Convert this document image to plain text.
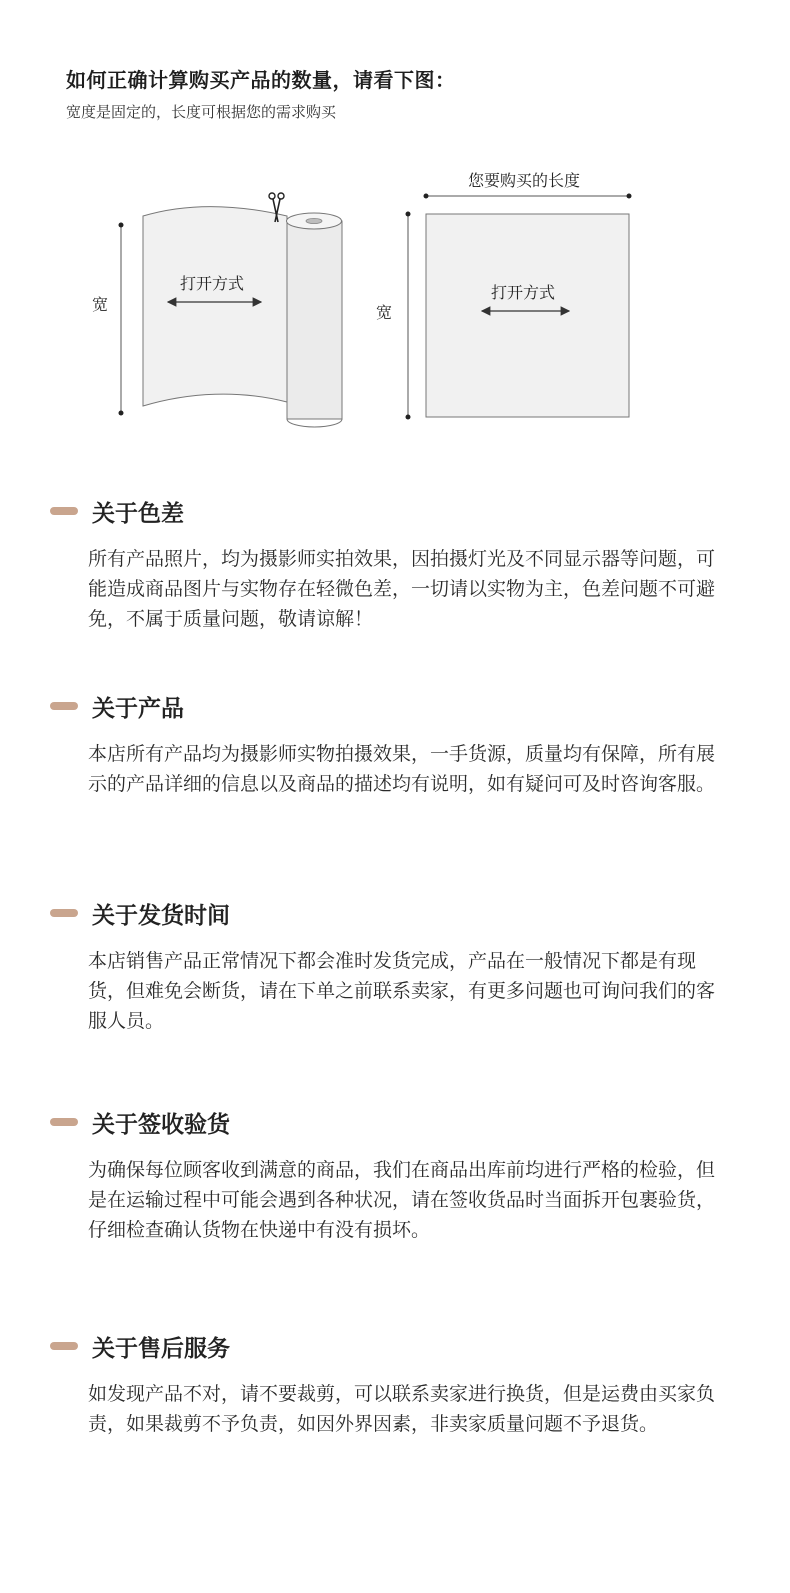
如何正确计算购买产品的数量，请看下图：
宽度是固定的，长度可根据您的需求购买
宽
打开方式
您要购买的长度
宽
打开方式
关于色差

所有产品照片，均为摄影师实拍效果，因拍摄灯光及不同显示器等问题，可能造成商品图片与实物存在轻微色差，一切请以实物为主，色差问题不可避免，不属于质量问题，敬请谅解！

关于产品

本店所有产品均为摄影师实物拍摄效果，一手货源，质量均有保障，所有展示的产品详细的信息以及商品的描述均有说明，如有疑问可及时咨询客服。

关于发货时间

本店销售产品正常情况下都会准时发货完成，产品在一般情况下都是有现货，但难免会断货，请在下单之前联系卖家，有更多问题也可询问我们的客服人员。

关于签收验货

为确保每位顾客收到满意的商品，我们在商品出库前均进行严格的检验，但是在运输过程中可能会遇到各种状况，请在签收货品时当面拆开包裹验货，仔细检查确认货物在快递中有没有损坏。

关于售后服务

如发现产品不对，请不要裁剪，可以联系卖家进行换货，但是运费由买家负责，如果裁剪不予负责，如因外界因素，非卖家质量问题不予退货。
